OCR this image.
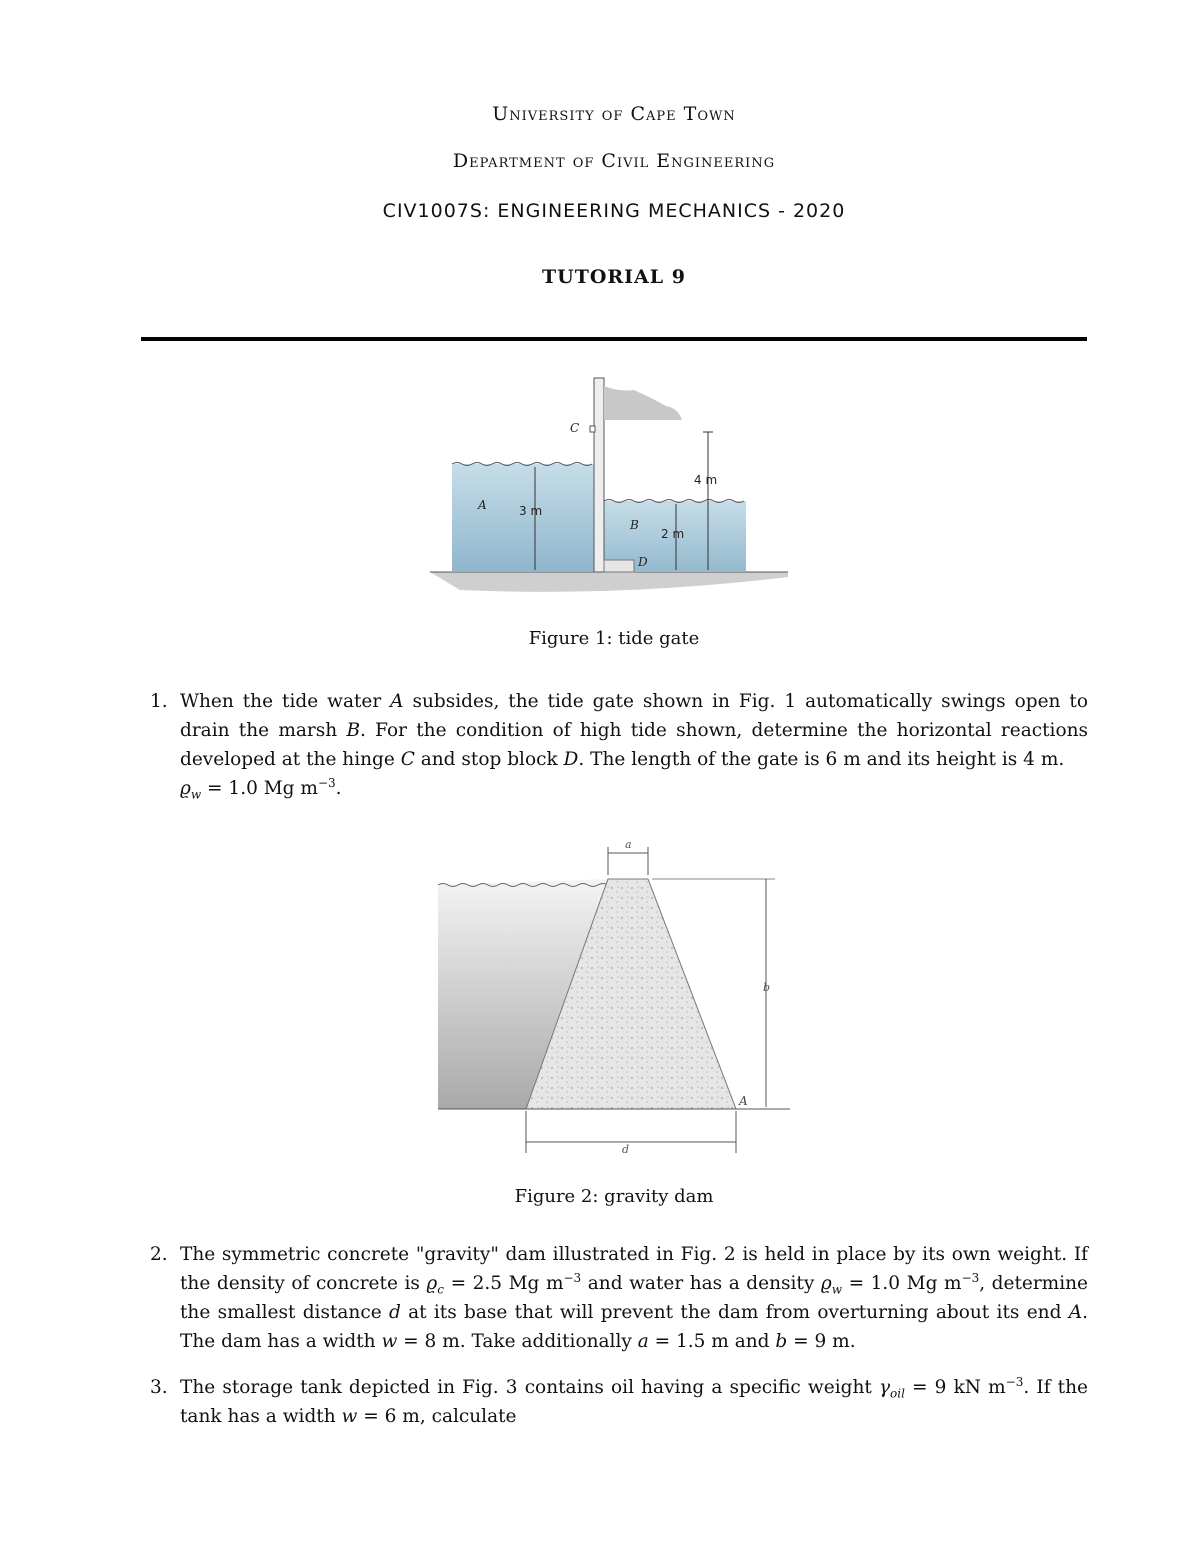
University of Cape Town
Department of Civil Engineering
CIV1007S: ENGINEERING MECHANICS - 2020
TUTORIAL 9
C
A
B
D
3 m
2 m
4 m
Figure 1: tide gate
1. When the tide water A subsides, the tide gate shown in Fig. 1 automatically swings open to drain the marsh B. For the condition of high tide shown, determine the horizontal reactions developed at the hinge C and stop block D. The length of the gate is 6 m and its height is 4 m.
$ϱ_w = 1.0$ Mg $m^{-3}$.
a
b
d
A
Figure 2: gravity dam
2. The symmetric concrete "gravity" dam illustrated in Fig. 2 is held in place by its own weight. If the density of concrete is $ϱ_c = 2.5$ Mg $m^{-3}$ and water has a density $ϱ_w = 1.0$ Mg $m^{-3}$, determine the smallest distance d at its base that will prevent the dam from overturning about its end A. The dam has a width w = 8 m. Take additionally a = 1.5 m and b = 9 m.
3. The storage tank depicted in Fig. 3 contains oil having a specific weight $\gamma_{oil} = 9$ kN $m^{-3}$. If the tank has a width w = 6 m, calculate
